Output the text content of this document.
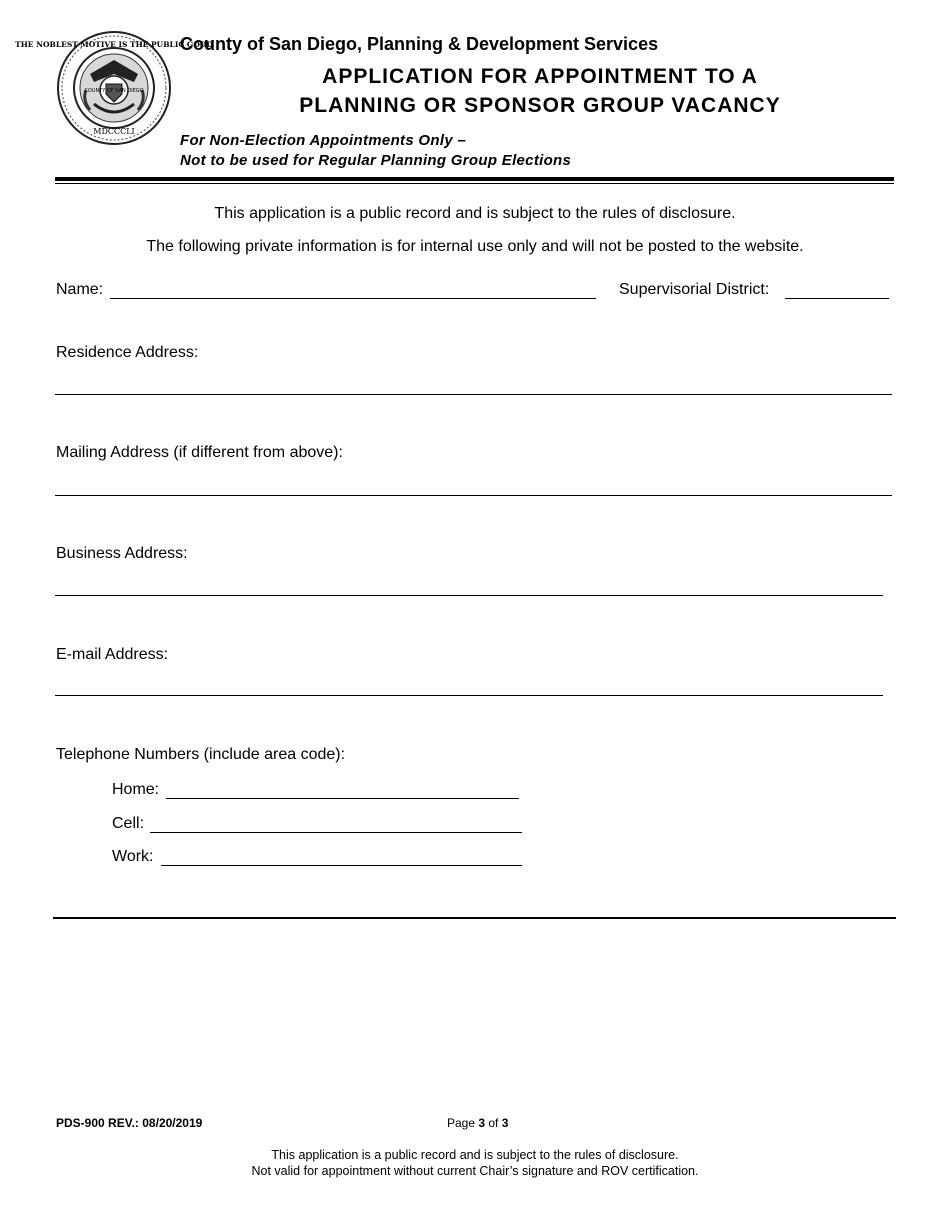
MDCCCLI
THE NOBLEST MOTIVE IS THE PUBLIC GOOD
COUNTY OF SAN DIEGO
County of San Diego, Planning & Development Services
APPLICATION FOR APPOINTMENT TO A
PLANNING OR SPONSOR GROUP VACANCY
For Non-Election Appointments Only –
Not to be used for Regular Planning Group Elections
This application is a public record and is subject to the rules of disclosure.
The following private information is for internal use only and will not be posted to the website.
Name:	Supervisorial District:
Residence Address:
Mailing Address (if different from above):
Business Address:
E-mail Address:
Telephone Numbers (include area code):
Home:
Cell:
Work:
PDS-900 REV.: 08/20/2019	Page 3 of 3
This application is a public record and is subject to the rules of disclosure.
Not valid for appointment without current Chair’s signature and ROV certification.
